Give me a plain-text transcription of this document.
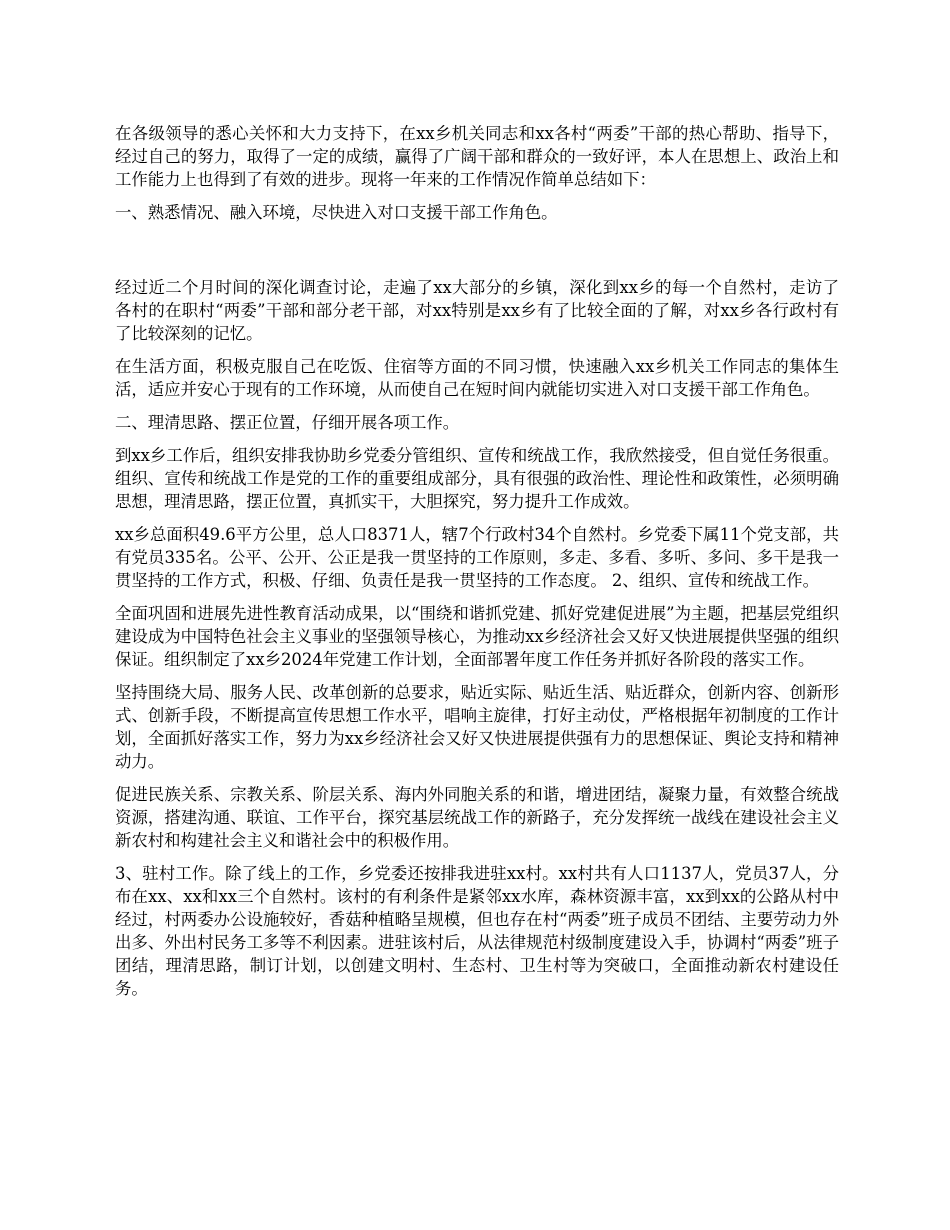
在各级领导的悉心关怀和大力支持下，在xx乡机关同志和xx各村“两委”干部的热心帮助、指导下，经过自己的努力，取得了一定的成绩，赢得了广阔干部和群众的一致好评，本人在思想上、政治上和工作能力上也得到了有效的进步。现将一年来的工作情况作简单总结如下：

一、熟悉情况、融入环境，尽快进入对口支援干部工作角色。

经过近二个月时间的深化调查讨论，走遍了xx大部分的乡镇，深化到xx乡的每一个自然村，走访了各村的在职村“两委”干部和部分老干部，对xx特别是xx乡有了比较全面的了解，对xx乡各行政村有了比较深刻的记忆。

在生活方面，积极克服自己在吃饭、住宿等方面的不同习惯，快速融入xx乡机关工作同志的集体生活，适应并安心于现有的工作环境，从而使自己在短时间内就能切实进入对口支援干部工作角色。

二、理清思路、摆正位置，仔细开展各项工作。

到xx乡工作后，组织安排我协助乡党委分管组织、宣传和统战工作，我欣然接受，但自觉任务很重。组织、宣传和统战工作是党的工作的重要组成部分，具有很强的政治性、理论性和政策性，必须明确思想，理清思路，摆正位置，真抓实干，大胆探究，努力提升工作成效。

xx乡总面积49.6平方公里，总人口8371人，辖7个行政村34个自然村。乡党委下属11个党支部，共有党员335名。公平、公开、公正是我一贯坚持的工作原则，多走、多看、多听、多问、多干是我一贯坚持的工作方式，积极、仔细、负责任是我一贯坚持的工作态度。 2、组织、宣传和统战工作。

全面巩固和进展先进性教育活动成果，以“围绕和谐抓党建、抓好党建促进展”为主题，把基层党组织建设成为中国特色社会主义事业的坚强领导核心，为推动xx乡经济社会又好又快进展提供坚强的组织保证。组织制定了xx乡2024年党建工作计划，全面部署年度工作任务并抓好各阶段的落实工作。

坚持围绕大局、服务人民、改革创新的总要求，贴近实际、贴近生活、贴近群众，创新内容、创新形式、创新手段，不断提高宣传思想工作水平，唱响主旋律，打好主动仗，严格根据年初制度的工作计划，全面抓好落实工作，努力为xx乡经济社会又好又快进展提供强有力的思想保证、舆论支持和精神动力。

促进民族关系、宗教关系、阶层关系、海内外同胞关系的和谐，增进团结，凝聚力量，有效整合统战资源，搭建沟通、联谊、工作平台，探究基层统战工作的新路子，充分发挥统一战线在建设社会主义新农村和构建社会主义和谐社会中的积极作用。

3、驻村工作。除了线上的工作，乡党委还按排我进驻xx村。xx村共有人口1137人，党员37人，分布在xx、xx和xx三个自然村。该村的有利条件是紧邻xx水库，森林资源丰富，xx到xx的公路从村中经过，村两委办公设施较好，香菇种植略呈规模，但也存在村“两委”班子成员不团结、主要劳动力外出多、外出村民务工多等不利因素。进驻该村后，从法律规范村级制度建设入手，协调村“两委”班子团结，理清思路，制订计划，以创建文明村、生态村、卫生村等为突破口，全面推动新农村建设任务。
